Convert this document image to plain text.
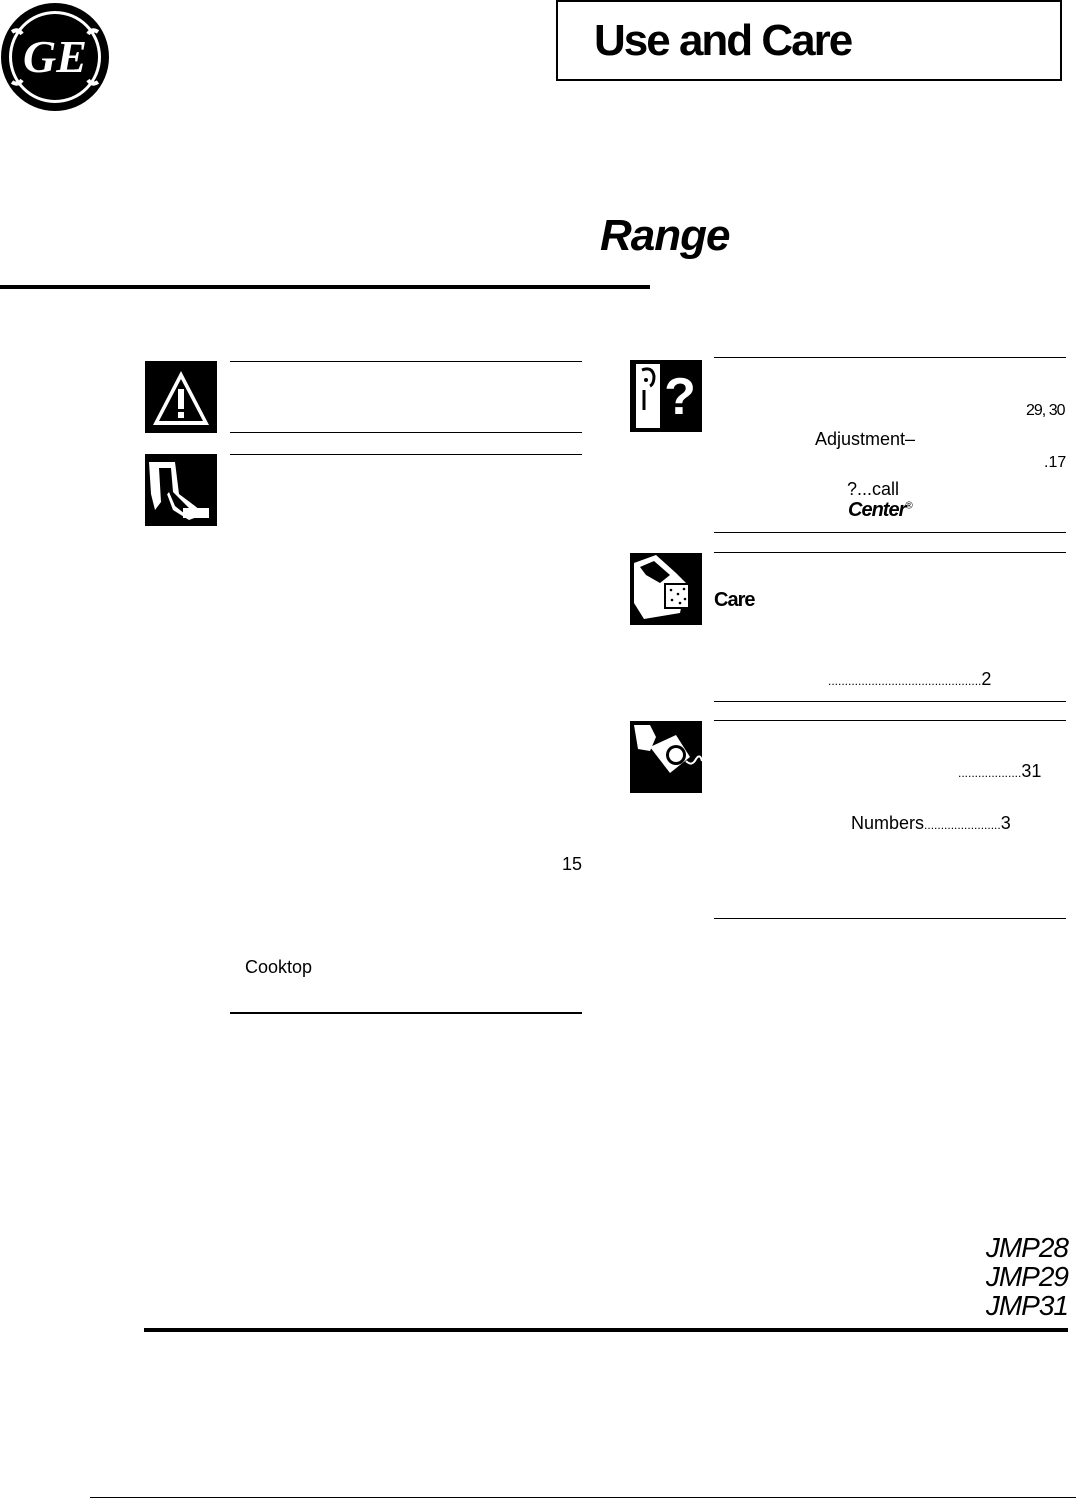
GE	Use and Care
Range
15
Cooktop
?	29, 30
Adjustment–
.17
?...call
Center®
Care
..............................................2
...................31
Numbers.......................3
JMP28
JMP29
JMP31
